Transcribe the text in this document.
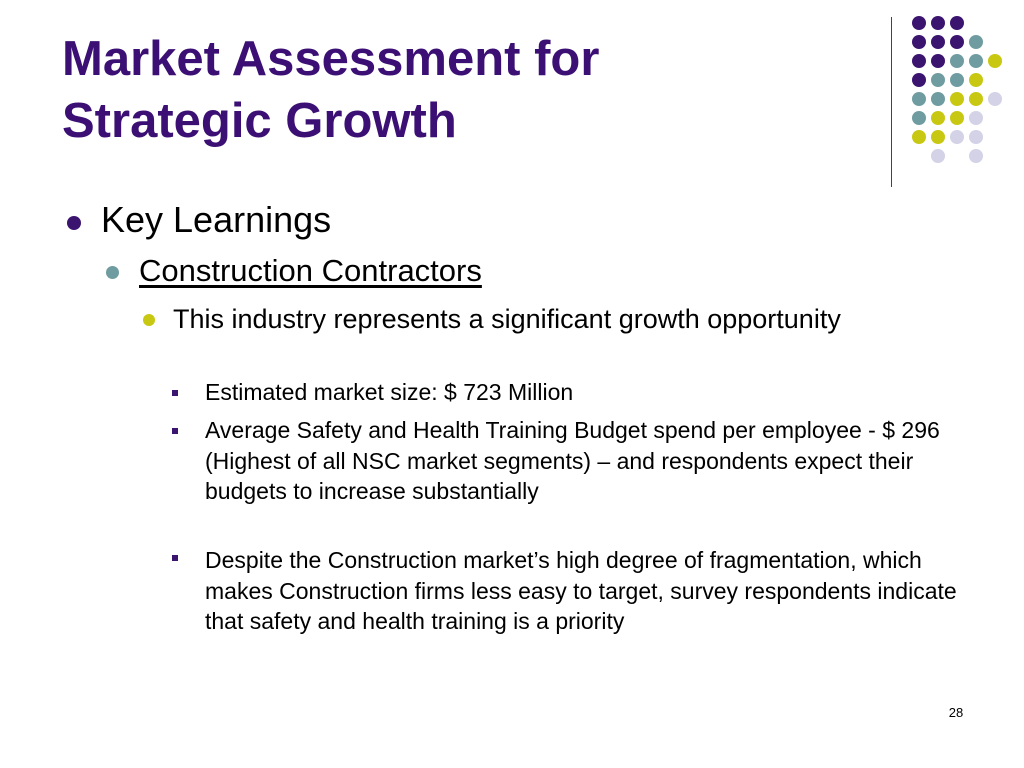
Market Assessment for
Strategic Growth
Key Learnings
Construction Contractors
This industry represents a significant growth opportunity
Estimated market size: $ 723 Million
Average Safety and Health Training Budget spend per employee - $ 296 (Highest of all NSC market segments) – and respondents expect their budgets to increase substantially
Despite the Construction market’s high degree of fragmentation, which makes Construction firms less easy to target, survey respondents indicate that safety and health training is a priority
28
